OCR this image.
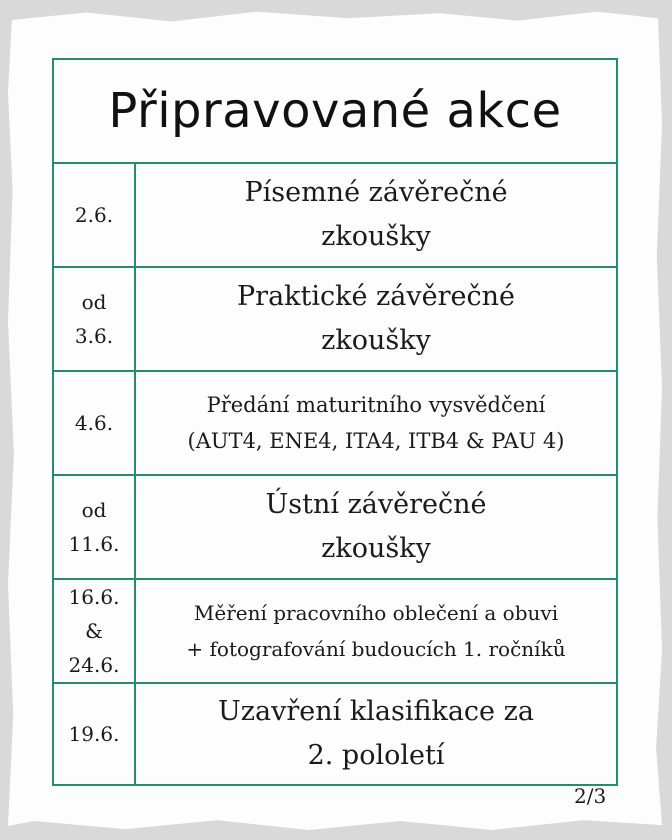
Připravované akce
2.6.
Písemné závěrečné
zkoušky
od
3.6.
Praktické závěrečné
zkoušky
4.6.
Předání maturitního vysvědčení
(AUT4, ENE4, ITA4, ITB4 & PAU 4)
od
11.6.
Ústní závěrečné
zkoušky
16.6.
&
24.6.
Měření pracovního oblečení a obuvi
+ fotografování budoucích 1. ročníků
19.6.
Uzavření klasifikace za
2. pololetí
2/3
